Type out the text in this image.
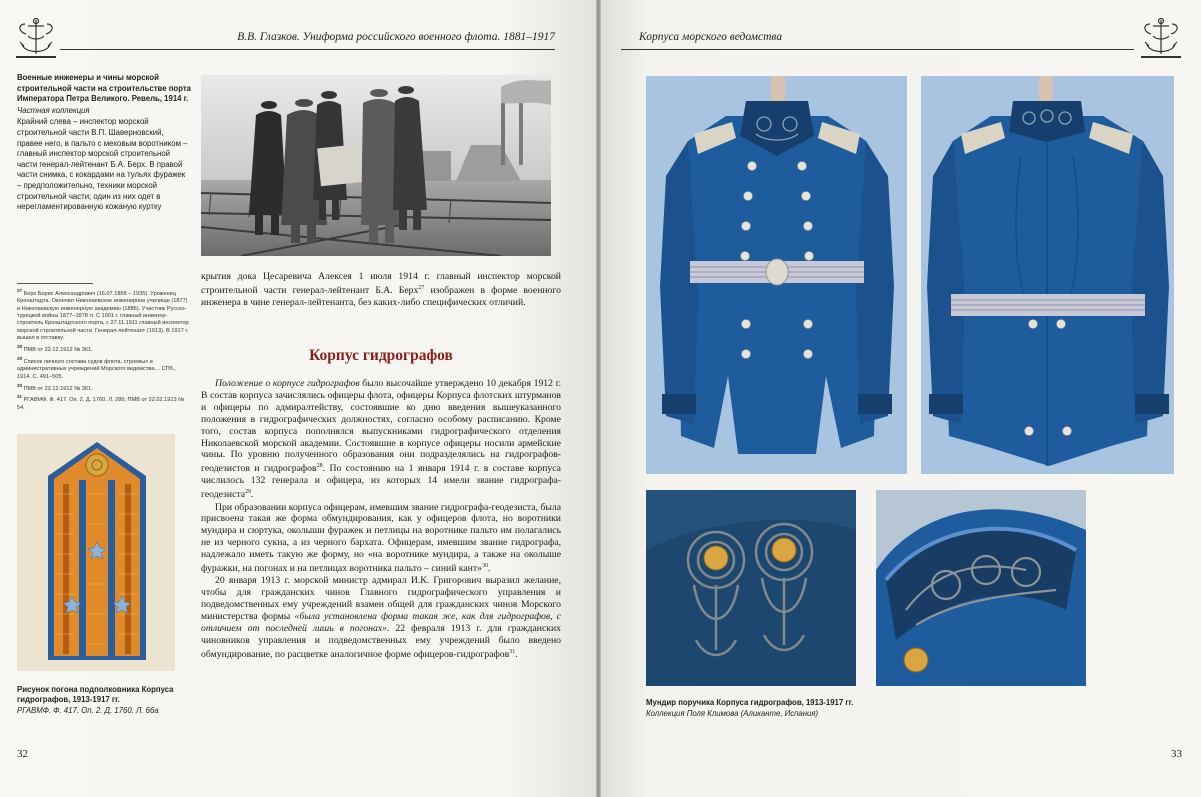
В.В. Глазков. Униформа российского военного флота. 1881–1917
Военные инженеры и чины морской строительной части на строительстве порта Императора Петра Великого. Ревель, 1914 г.
Частная коллекция
Крайний слева – инспектор морской строительной части В.П. Шаверновский, правее него, в пальто с меховым воротником – главный инспектор морской строительной части генерал-лейтенант Б.А. Берх. В правой части снимка, с кокардами на тульях фуражек – предположительно, техники морской строительной части; один из них одет в нерегламентированную кожаную куртку

$^{27}$ Берх Борис Александрович (16.07.1858 – 1935). Уроженец Кронштадта. Окончил Николаевское инженерное училище (1877) и Николаевскую инженерную академию (1885). Участник Русско-турецкой войны 1877–1878 гг. С 1901 г. главный инженер-строитель Кронштадтского порта, с 27.11.1911 главный инспектор морской строительной части. Генерал-лейтенант (1913). В 1917 г. вышел в отставку.

$^{28}$ ПМВ от 22.12.1912 № 361.

$^{29}$ Список личного состава судов флота, строевых и административных учреждений Морского ведомства… СПб., 1914. С. 491–505.

$^{30}$ ПМВ от 22.12.1912 № 361.

$^{31}$ РГАВМФ. Ф. 417. Оп. 2. Д. 1760. Л. 286; ПМВ от 22.02.1913 № 54.

крытия дока Цесаревича Алексея 1 июля 1914 г. главный инспектор морской строительной части генерал-лейтенант Б.А. Берх$^{27}$ изображен в форме военного инженера в чине генерал-лейтенанта, без каких-либо специфических отличий.

Корпус гидрографов

Положение о корпусе гидрографов было высочайше утверждено 10 декабря 1912 г. В состав корпуса зачислялись офицеры флота, офицеры Корпуса флотских штурманов и офицеры по адмиралтейству, состоявшие ко дню введения вышеуказанного положения в гидрографических должностях, согласно особому расписанию. Кроме того, состав корпуса пополнялся выпускниками гидрографического отделения Николаевской морской академии. Состоявшие в корпусе офицеры носили армейские чины. По уровню полученного образования они подразделялись на гидрографов-геодезистов и гидрографов$^{28}$. По состоянию на 1 января 1914 г. в составе корпуса числилось 132 генерала и офицера, из которых 14 имели звание гидрографа-геодезиста$^{29}$.

При образовании корпуса офицерам, имевшим звание гидрографа-геодезиста, была присвоена такая же форма обмундирования, как у офицеров флота, но воротники мундира и сюртука, околыши фуражек и петлицы на воротнике пальто им полагались не из черного сукна, а из черного бархата. Офицерам, имевшим звание гидрографа, надлежало иметь такую же форму, но «на воротнике мундира, а также на околыше фуражки, на погонах и на петлицах воротника пальто – синий кант»$^{30}$.

20 января 1913 г. морской министр адмирал И.К. Григорович выразил желание, чтобы для гражданских чинов Главного гидрографического управления и подведомственных ему учреждений взамен общей для гражданских чинов Морского министерства формы «была установлена форма такая же, как для гидрографов, с отличием от последней лишь в погонах». 22 февраля 1913 г. для гражданских чиновников управления и подведомственных ему учреждений было введено обмундирование, по расцветке аналогичное форме офицеров-гидрографов$^{31}$.

Рисунок погона подполковника Корпуса гидрографов, 1913-1917 гг.
РГАВМФ. Ф. 417. Оп. 2. Д. 1760. Л. 66а
32
Корпуса морского ведомства
Мундир поручика Корпуса гидрографов, 1913-1917 гг.
Коллекция Поля Климова (Аликанте, Испания)
33
